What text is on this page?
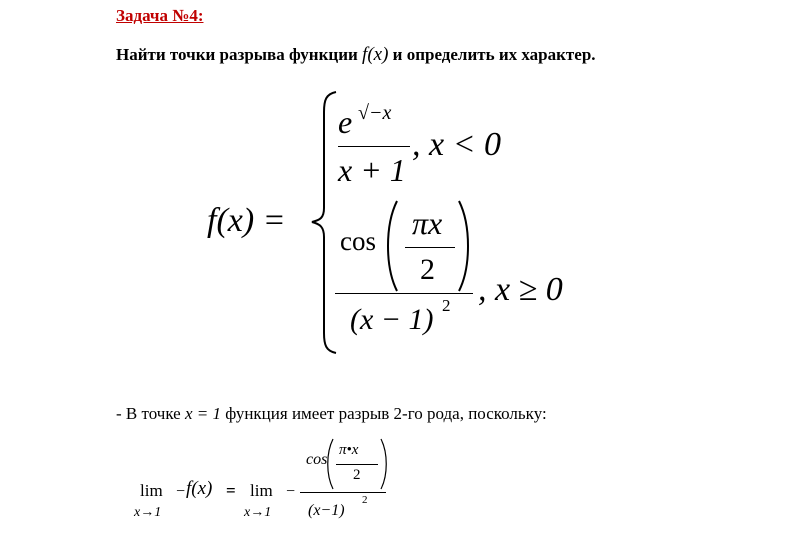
Задача №4:
Найти точки разрыва функции f(x) и определить их характер.
f(x) =
e √−x
x + 1
, x < 0
cos πx
2
(x − 1) 2 , x ≥ 0
- В точке x = 1 функция имеет разрыв 2-го рода, поскольку:
lim
x→1
− f(x) = lim
x→1
−
cos
π•x
2
(x−1)
2
